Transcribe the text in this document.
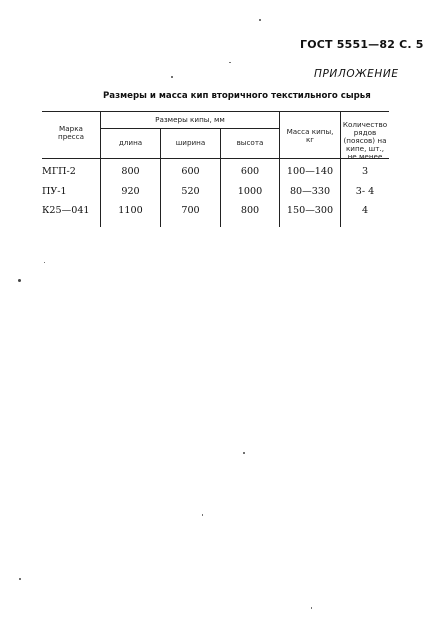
ГОСТ 5551—82 С. 5
ПРИЛОЖЕНИЕ
Размеры и масса кип вторичного текстильного сырья
Марка пресса
Размеры кипы, мм
длина	ширина	высота
Масса кипы, кг
Количество рядов (поясов) на кипе, шт., не менее
МГП-2	800	600	600	100—140	3
ПУ-1	920	520	1000	80—330	3- 4
К25—041	1100	700	800	150—300	4
